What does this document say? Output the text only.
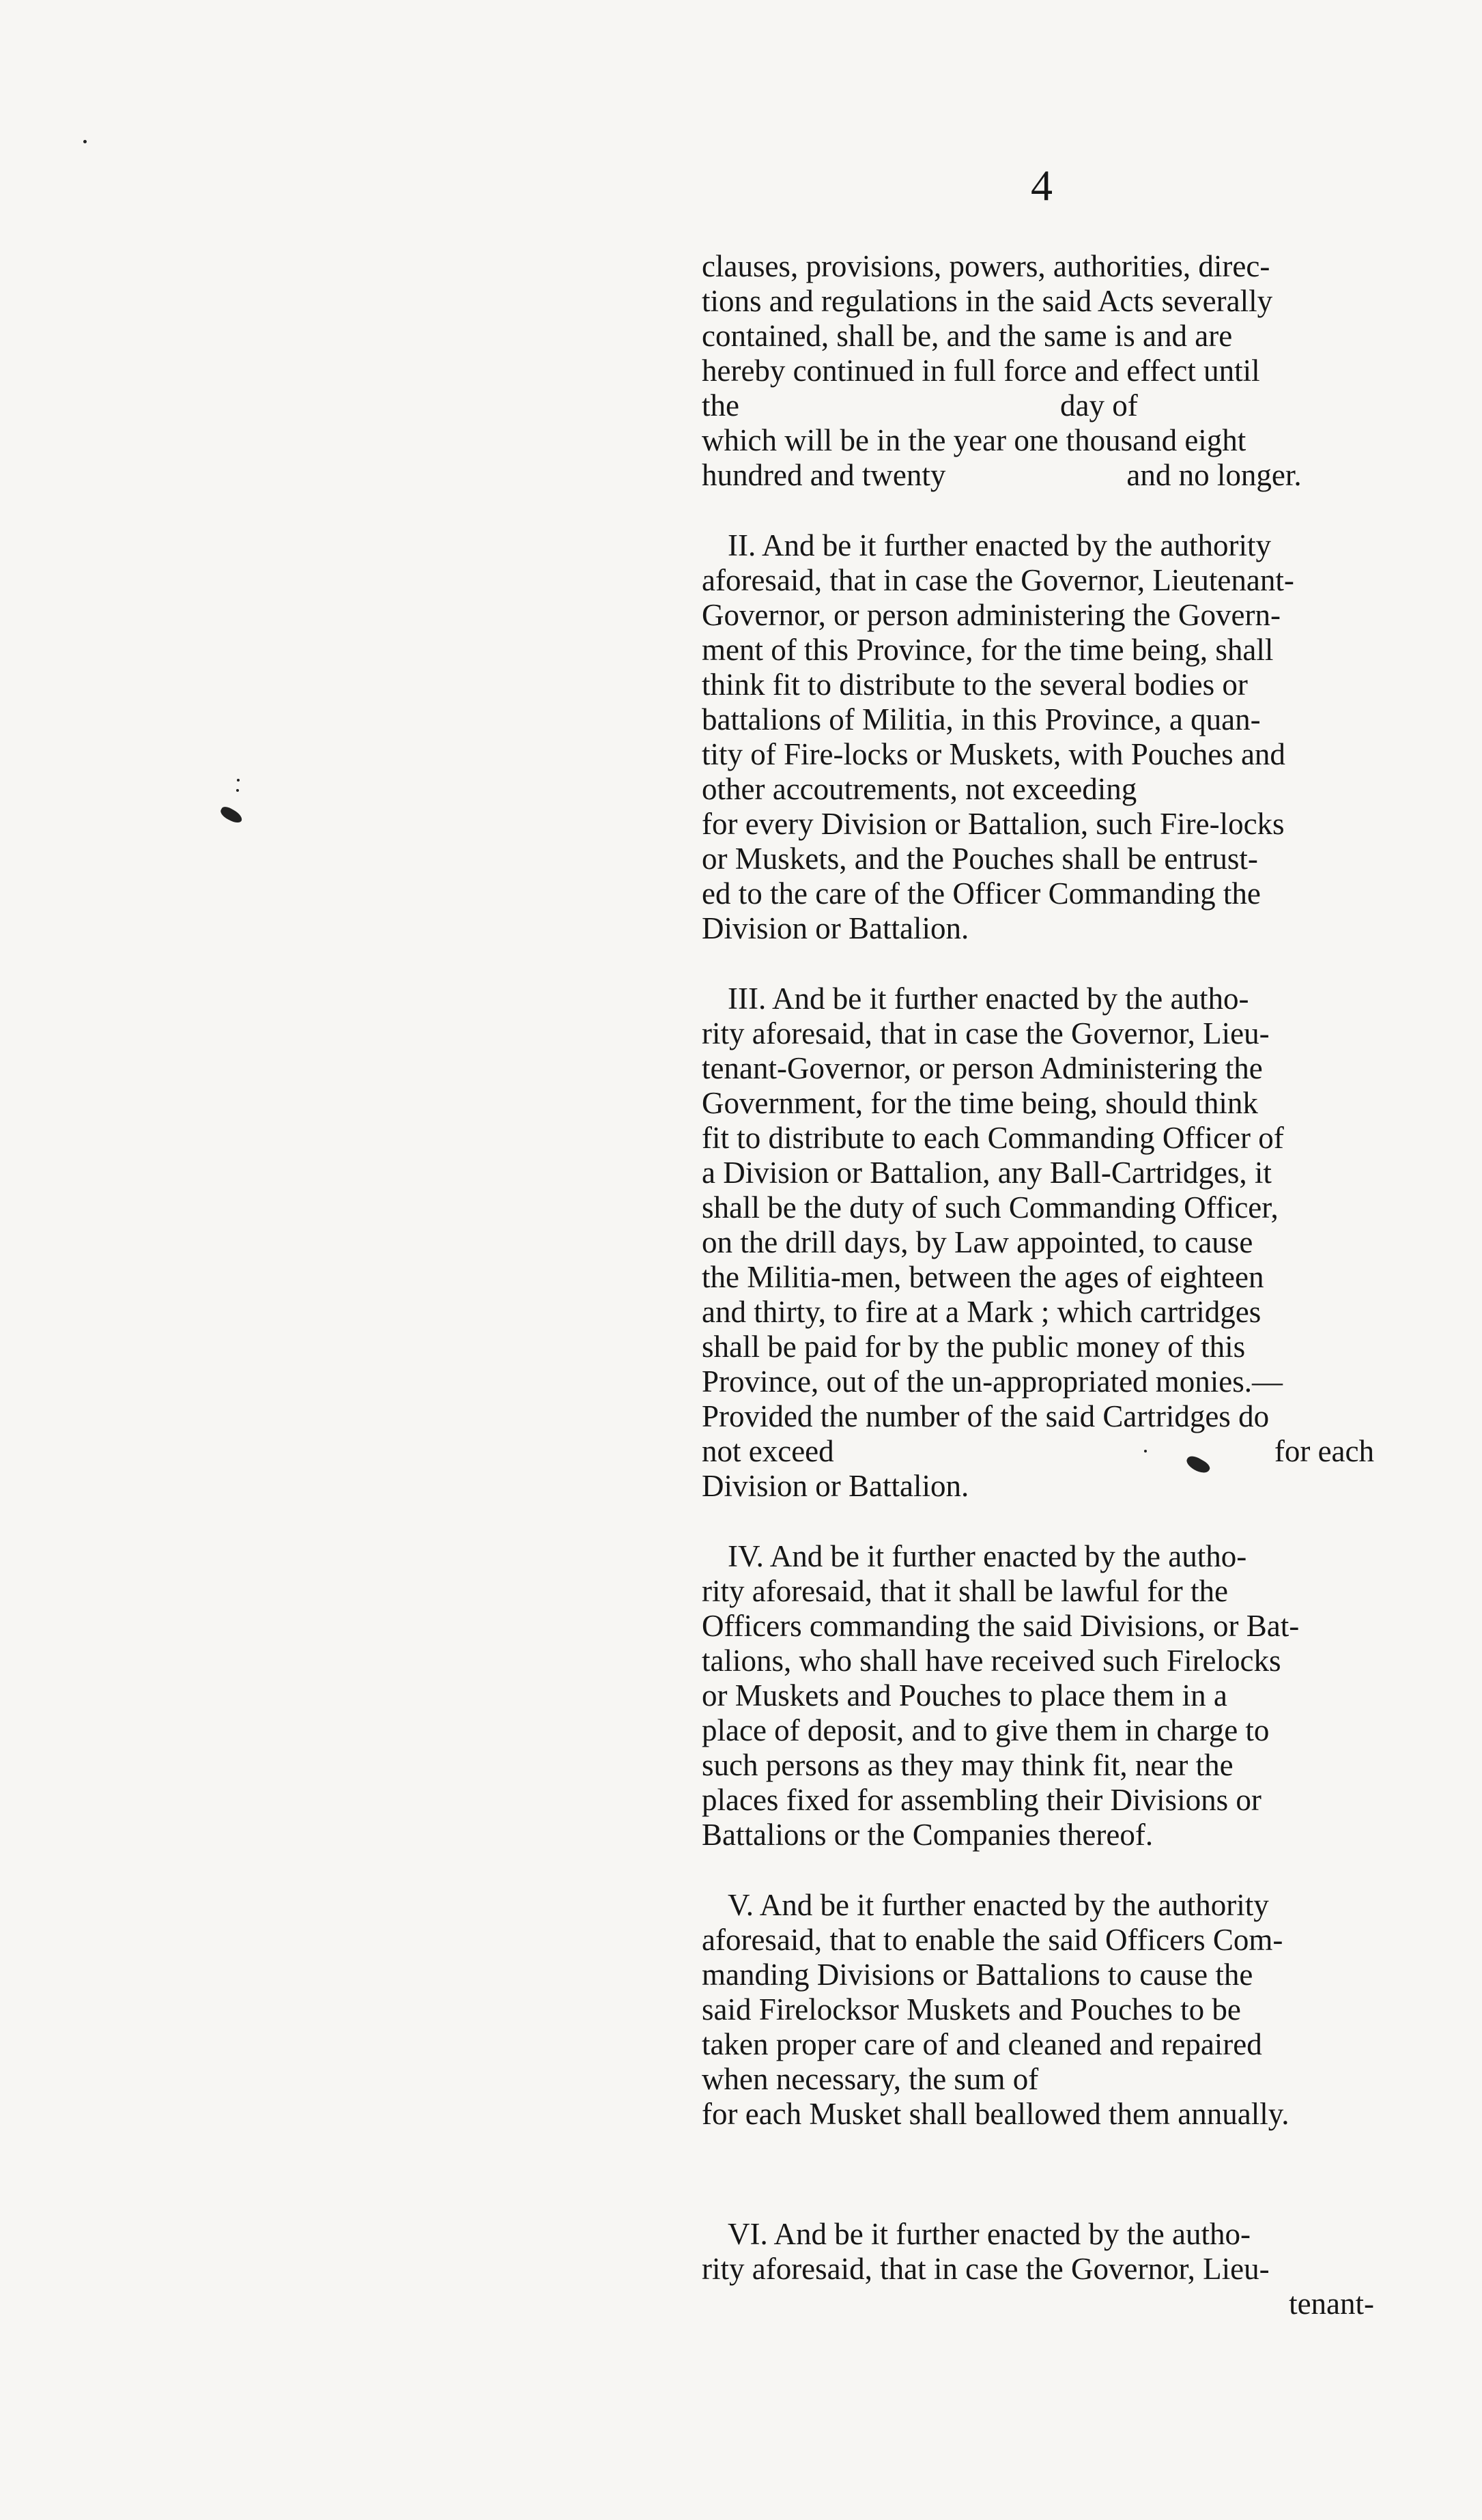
4
clauses, provisions, powers, authorities, direc-
tions and regulations in the said Acts severally
contained, shall be, and the same is and are
hereby continued in full force and effect until
the	day of
which will be in the year one thousand eight
hundred and twenty	and no longer.
II. And be it further enacted by the authority
aforesaid, that in case the Governor, Lieutenant-
Governor, or person administering the Govern-
ment of this Province, for the time being, shall
think fit to distribute to the several bodies or
battalions of Militia, in this Province, a quan-
tity of Fire-locks or Muskets, with Pouches and
other accoutrements, not exceeding
for every Division or Battalion, such Fire-locks
or Muskets, and the Pouches shall be entrust-
ed to the care of the Officer Commanding the
Division or Battalion.
III. And be it further enacted by the autho-
rity aforesaid, that in case the Governor, Lieu-
tenant-Governor, or person Administering the
Government, for the time being, should think
fit to distribute to each Commanding Officer of
a Division or Battalion, any Ball-Cartridges, it
shall be the duty of such Commanding Officer,
on the drill days, by Law appointed, to cause
the Militia-men, between the ages of eighteen
and thirty, to fire at a Mark ; which cartridges
shall be paid for by the public money of this
Province, out of the un-appropriated monies.—
Provided the number of the said Cartridges do
not exceed	for each
Division or Battalion.
IV. And be it further enacted by the autho-
rity aforesaid, that it shall be lawful for the
Officers commanding the said Divisions, or Bat-
talions, who shall have received such Firelocks
or Muskets and Pouches to place them in a
place of deposit, and to give them in charge to
such persons as they may think fit, near the
places fixed for assembling their Divisions or
Battalions or the Companies thereof.
V. And be it further enacted by the authority
aforesaid, that to enable the said Officers Com-
manding Divisions or Battalions to cause the
said Firelocksor Muskets and Pouches to be
taken proper care of and cleaned and repaired
when necessary, the sum of
for each Musket shall beallowed them annually.
VI. And be it further enacted by the autho-
rity aforesaid, that in case the Governor, Lieu-
tenant-
